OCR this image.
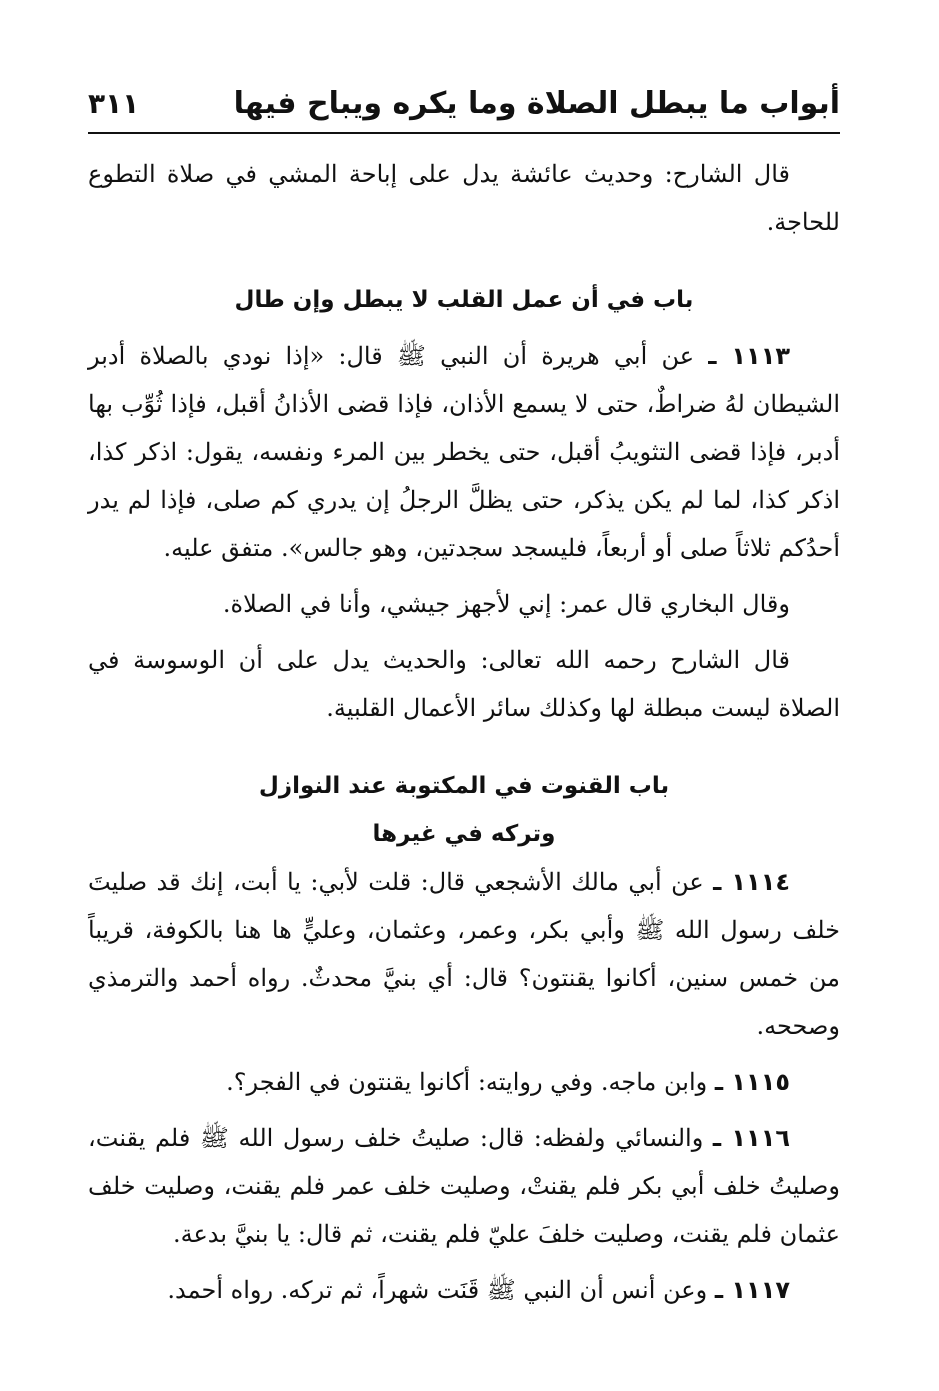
أبواب ما يبطل الصلاة وما يكره ويباح فيها
٣١١

قال الشارح: وحديث عائشة يدل على إباحة المشي في صلاة التطوع للحاجة.

باب في أن عمل القلب لا يبطل وإن طال

١١١٣ ـ عن أبي هريرة أن النبي ﷺ قال: «إذا نودي بالصلاة أدبر الشيطان لهُ ضراطٌ، حتى لا يسمع الأذان، فإذا قضى الأذانُ أقبل، فإذا ثُوِّب بها أدبر، فإذا قضى التثويبُ أقبل، حتى يخطر بين المرء ونفسه، يقول: اذكر كذا، اذكر كذا، لما لم يكن يذكر، حتى يظلَّ الرجلُ إن يدري كم صلى، فإذا لم يدر أحدُكم ثلاثاً صلى أو أربعاً، فليسجد سجدتين، وهو جالس». متفق عليه.

وقال البخاري قال عمر: إني لأجهز جيشي، وأنا في الصلاة.

قال الشارح رحمه الله تعالى: والحديث يدل على أن الوسوسة في الصلاة ليست مبطلة لها وكذلك سائر الأعمال القلبية.

باب القنوت في المكتوبة عند النوازل
وتركه في غيرها

١١١٤ ـ عن أبي مالك الأشجعي قال: قلت لأبي: يا أبت، إنك قد صليتَ خلف رسول الله ﷺ وأبي بكر، وعمر، وعثمان، وعليٍّ ها هنا بالكوفة، قريباً من خمس سنين، أكانوا يقنتون؟ قال: أي بنيَّ محدثٌ. رواه أحمد والترمذي وصححه.

١١١٥ ـ وابن ماجه. وفي روايته: أكانوا يقنتون في الفجر؟.

١١١٦ ـ والنسائي ولفظه: قال: صليتُ خلف رسول الله ﷺ فلم يقنت، وصليتُ خلف أبي بكر فلم يقنتْ، وصليت خلف عمر فلم يقنت، وصليت خلف عثمان فلم يقنت، وصليت خلفَ عليّ فلم يقنت، ثم قال: يا بنيَّ بدعة.

١١١٧ ـ وعن أنس أن النبي ﷺ قَنَت شهراً، ثم تركه. رواه أحمد.
